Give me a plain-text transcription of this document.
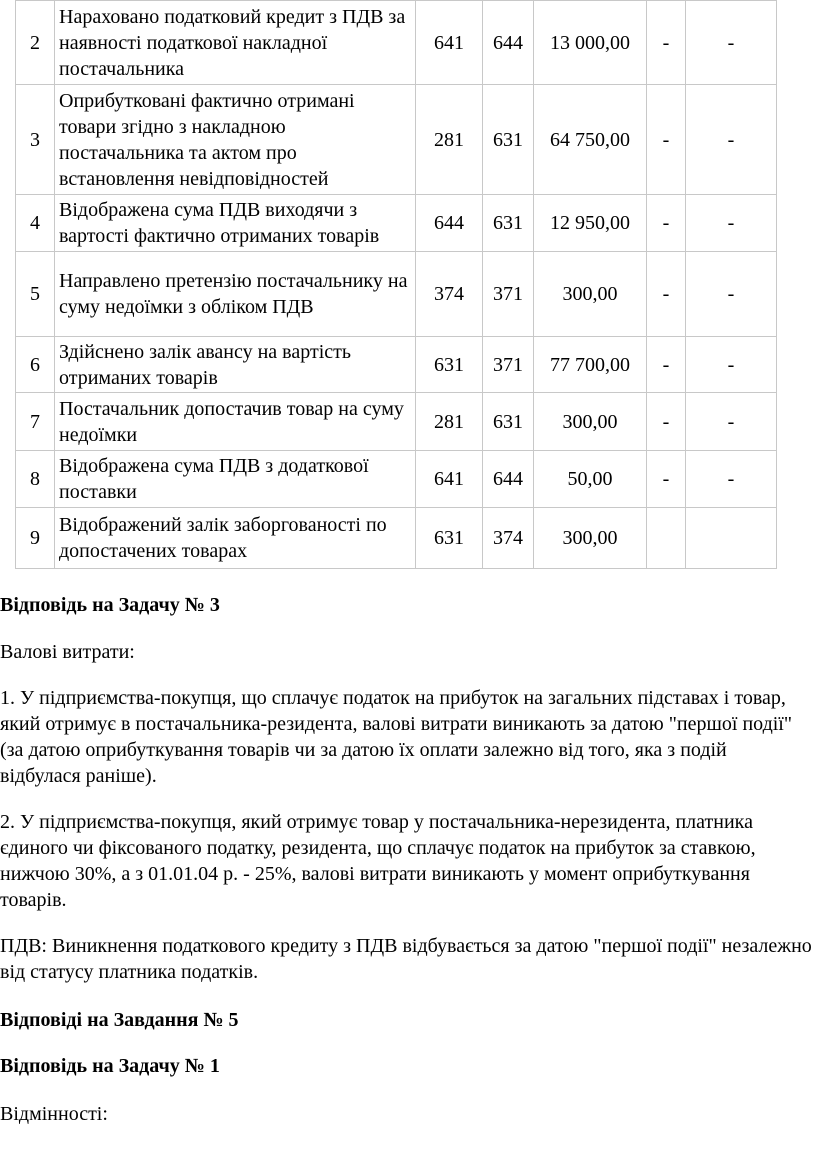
2	Нараховано податковий кредит з ПДВ за наявності податкової накладної постачальника	641	644	13 000,00	-	-
3	Оприбутковані фактично отримані товари згідно з накладною постачальника та актом про встановлення невідповідностей	281	631	64 750,00	-	-
4	Відображена сума ПДВ виходячи з вартості фактично отриманих товарів	644	631	12 950,00	-	-
5	Направлено претензію постачальнику на суму недоїмки з обліком ПДВ	374	371	300,00	-	-
6	Здійснено залік авансу на вартість отриманих товарів	631	371	77 700,00	-	-
7	Постачальник допостачив товар на суму недоїмки	281	631	300,00	-	-
8	Відображена сума ПДВ з додаткової поставки	641	644	50,00	-	-
9	Відображений залік заборгованості по допостачених товарах	631	374	300,00		

Відповідь на Задачу № 3

Валові витрати:

1. У підприємства-покупця, що сплачує податок на прибуток на загальних підставах і товар, який отримує в постачальника-резидента, валові витрати виникають за датою "першої події" (за датою оприбуткування товарів чи за датою їх оплати залежно від того, яка з подій відбулася раніше).

2. У підприємства-покупця, який отримує товар у постачальника-нерезидента, платника єдиного чи фіксованого податку, резидента, що сплачує податок на прибуток за ставкою, нижчою 30%, а з 01.01.04 р. - 25%, валові витрати виникають у момент оприбуткування товарів.

ПДВ: Виникнення податкового кредиту з ПДВ відбувається за датою "першої події" незалежно від статусу платника податків.

Відповіді на Завдання № 5

Відповідь на Задачу № 1

Відмінності:
